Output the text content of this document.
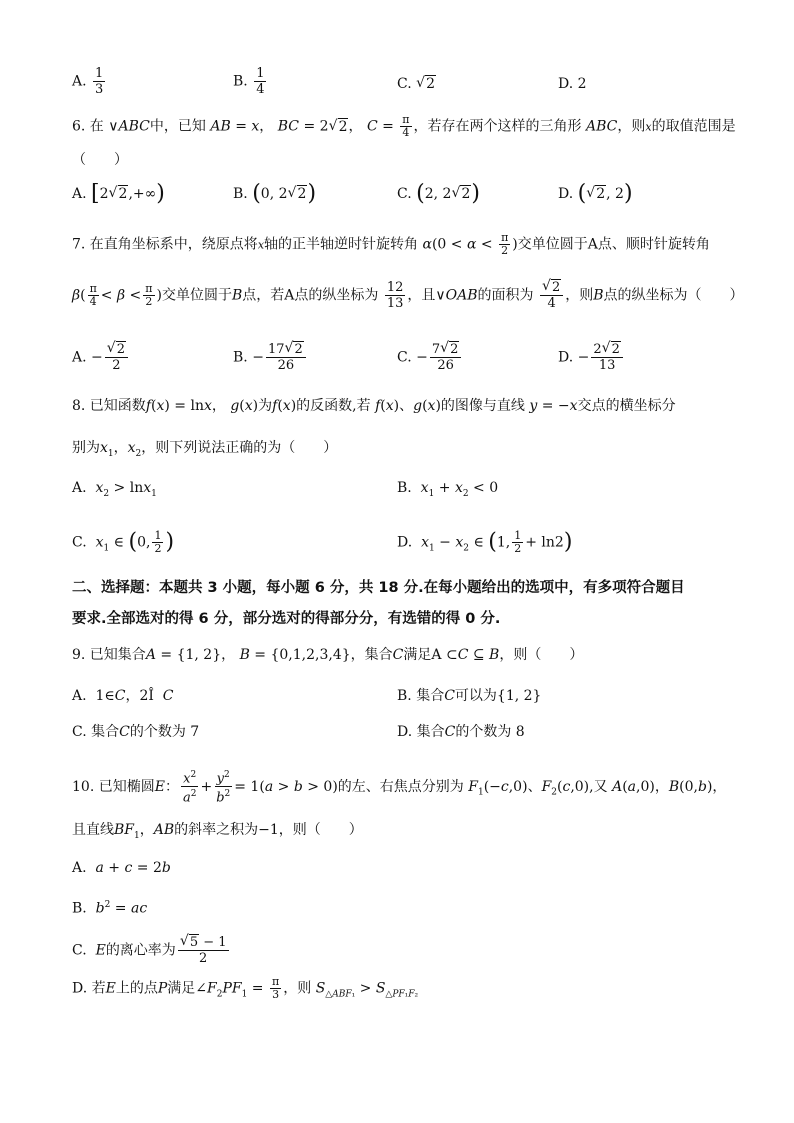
A. $\frac{1}{3}$	B. $\frac{1}{4}$	C. √ 2	D. 2
6. 在 ∨ABC中，已知 AB = x， BC = 2 √ 2， $C = \frac{\pi}{4}$ ，若存在两个这样的三角形 ABC，则x的取值范围是
（　　）
A. [2 √ 2,+∞)	B. (0, 2 √ 2)	C. (2, 2 √ 2)	D. ( √ 2, 2)
7. 在直角坐标系中，绕原点将x轴的正半轴逆时针旋转角 $\alpha(0 < \alpha < \frac{\pi}{2}$ )交单位圆于A点、顺时针旋转角
$\beta( \frac{\pi}{4} < \beta < \frac{\pi}{2}$ )交单位圆于B点，若A点的纵坐标为 $\frac{12}{13}$ ，且∨OAB的面积为 $\frac{√ 2}{4}$ ，则B点的纵坐标为（　　）
A. − $\frac{√ 2}{2}$	B. − $\frac{17 √ 2}{26}$	C. − $\frac{7 √ 2}{26}$	D. − $\frac{2 √ 2}{13}$
8. 已知函数f(x) = lnx， g(x)为f(x)的反函数,若 f(x)、g(x)的图像与直线 y = −x交点的横坐标分
别为$x_1$，$x_2$，则下列说法正确的为（　　）
A. $x_2 > \ln x_1$	B. $x_1 + x_2 < 0$
C. $x_1$ ∈ (0, $\frac{1}{2}$ )	D. $x_1 - x_2$ ∈ (1, $\frac{1}{2} + \ln 2$)
二、选择题：本题共 3 小题，每小题 6 分，共 18 分.在每小题给出的选项中，有多项符合题目
要求.全部选对的得 6 分，部分选对的得部分分，有选错的得 0 分.
9. 已知集合A = {1, 2}， B = {0,1,2,3,4}，集合C满足A ⊂C ⊆ B，则（　　）
A.  1∈C，2Î  C	B. 集合C可以为{1, 2}
C. 集合C的个数为 7	D. 集合C的个数为 8
10. 已知椭圆E： $\frac{x^2}{a^2} + \frac{y^2}{b^2} = 1(a > b > 0)$的左、右焦点分别为 $F_1(-c,0)$、$F_2(c,0)$,又 A(a,0)，B(0,b)，
且直线$BF_1$，AB的斜率之积为−1，则（　　）
A. a + c = 2b
B. $b^2$ = ac
C. E的离心率为 $\frac{√ 5 - 1}{2}$
D. 若E上的点P满足$\angle F_2PF_1 = \frac{\pi}{3}$ ，则 $S_{\triangle ABF_1} > S_{\triangle PF_1F_2}$
